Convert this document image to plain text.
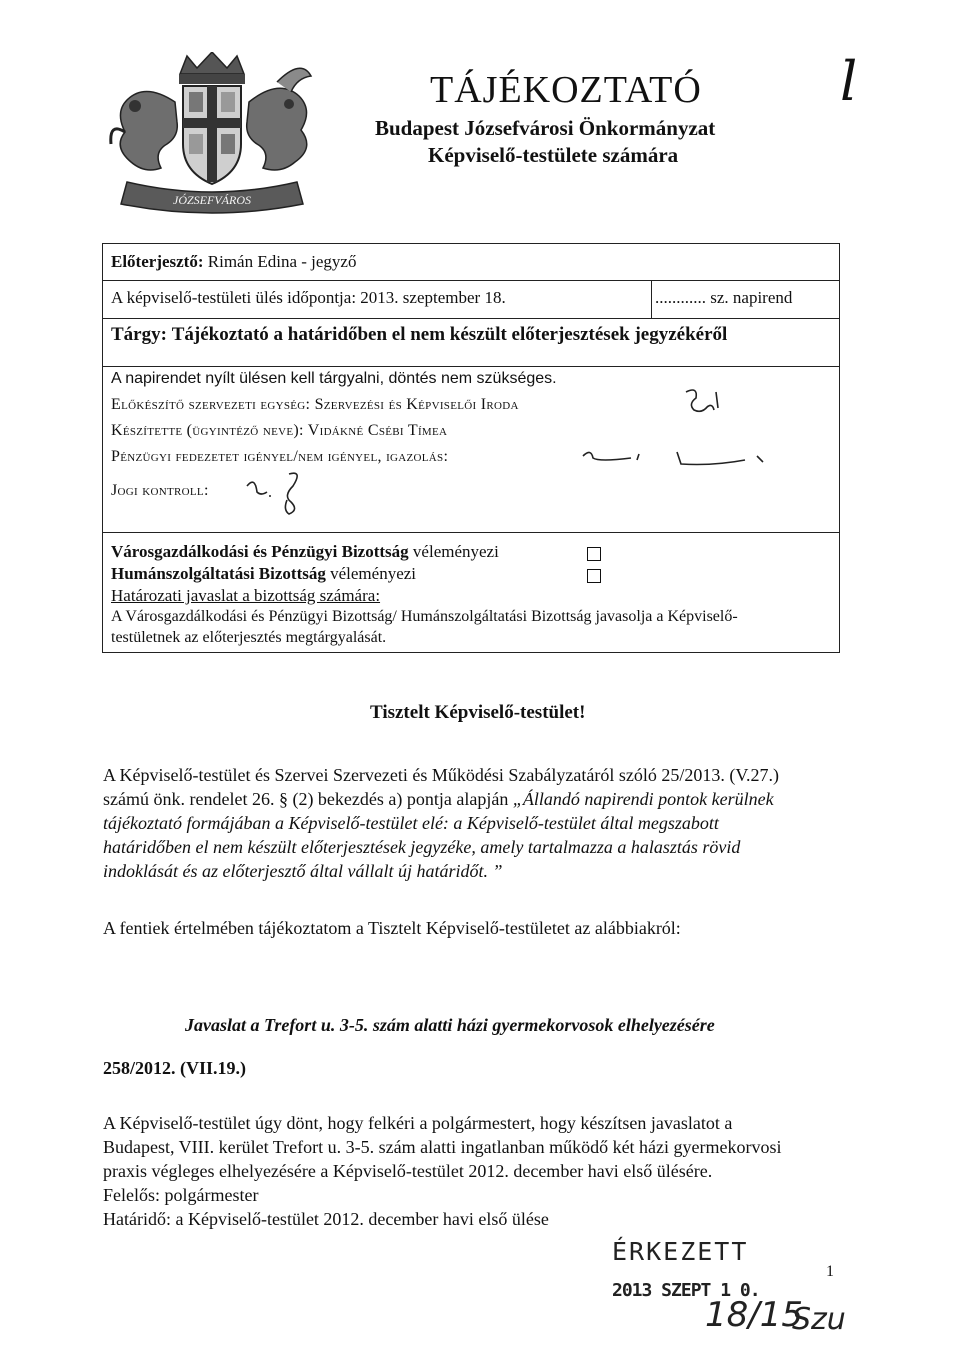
JÓZSEFVÁROS
TÁJÉKOZTATÓ
Budapest Józsefvárosi Önkormányzat
Képviselő-testülete számára
l
Előterjesztő: Rimán Edina - jegyző
A képviselő-testületi ülés időpontja: 2013. szeptember 18.	............ sz. napirend
Tárgy: Tájékoztató a határidőben el nem készült előterjesztések jegyzékéről
A napirendet nyílt ülésen kell tárgyalni, döntés nem szükséges.
Előkészítő szervezeti egység: Szervezési és Képviselői Iroda
Készítette (ügyintéző neve): Vidákné Csébi Tímea
Pénzügyi fedezetet igényel/nem igényel, igazolás:
Jogi kontroll:
Városgazdálkodási és Pénzügyi Bizottság véleményezi
Humánszolgáltatási Bizottság véleményezi
Határozati javaslat a bizottság számára:
A Városgazdálkodási és Pénzügyi Bizottság/ Humánszolgáltatási Bizottság javasolja a Képviselő-
testületnek az előterjesztés megtárgyalását.
Tisztelt Képviselő-testület!
A Képviselő-testület és Szervei Szervezeti és Működési Szabályzatáról szóló 25/2013. (V.27.)
számú önk. rendelet 26. § (2) bekezdés a) pontja alapján „Állandó napirendi pontok kerülnek
tájékoztató formájában a Képviselő-testület elé: a Képviselő-testület által megszabott
határidőben el nem készült előterjesztések jegyzéke, amely tartalmazza a halasztás rövid
indoklását és az előterjesztő által vállalt új határidőt. ”
A fentiek értelmében tájékoztatom a Tisztelt Képviselő-testületet az alábbiakról:
Javaslat a Trefort u. 3-5. szám alatti házi gyermekorvosok elhelyezésére
258/2012. (VII.19.)
A Képviselő-testület úgy dönt, hogy felkéri a polgármestert, hogy készítsen javaslatot a
Budapest, VIII. kerület Trefort u. 3-5. szám alatti ingatlanban működő két házi gyermekorvosi
praxis végleges elhelyezésére a Képviselő-testület 2012. december havi első ülésére.
Felelős: polgármester
Határidő: a Képviselő-testület 2012. december havi első ülése
ÉRKEZETT
2013 SZEPT 1 0.
18/15
Szu
1
